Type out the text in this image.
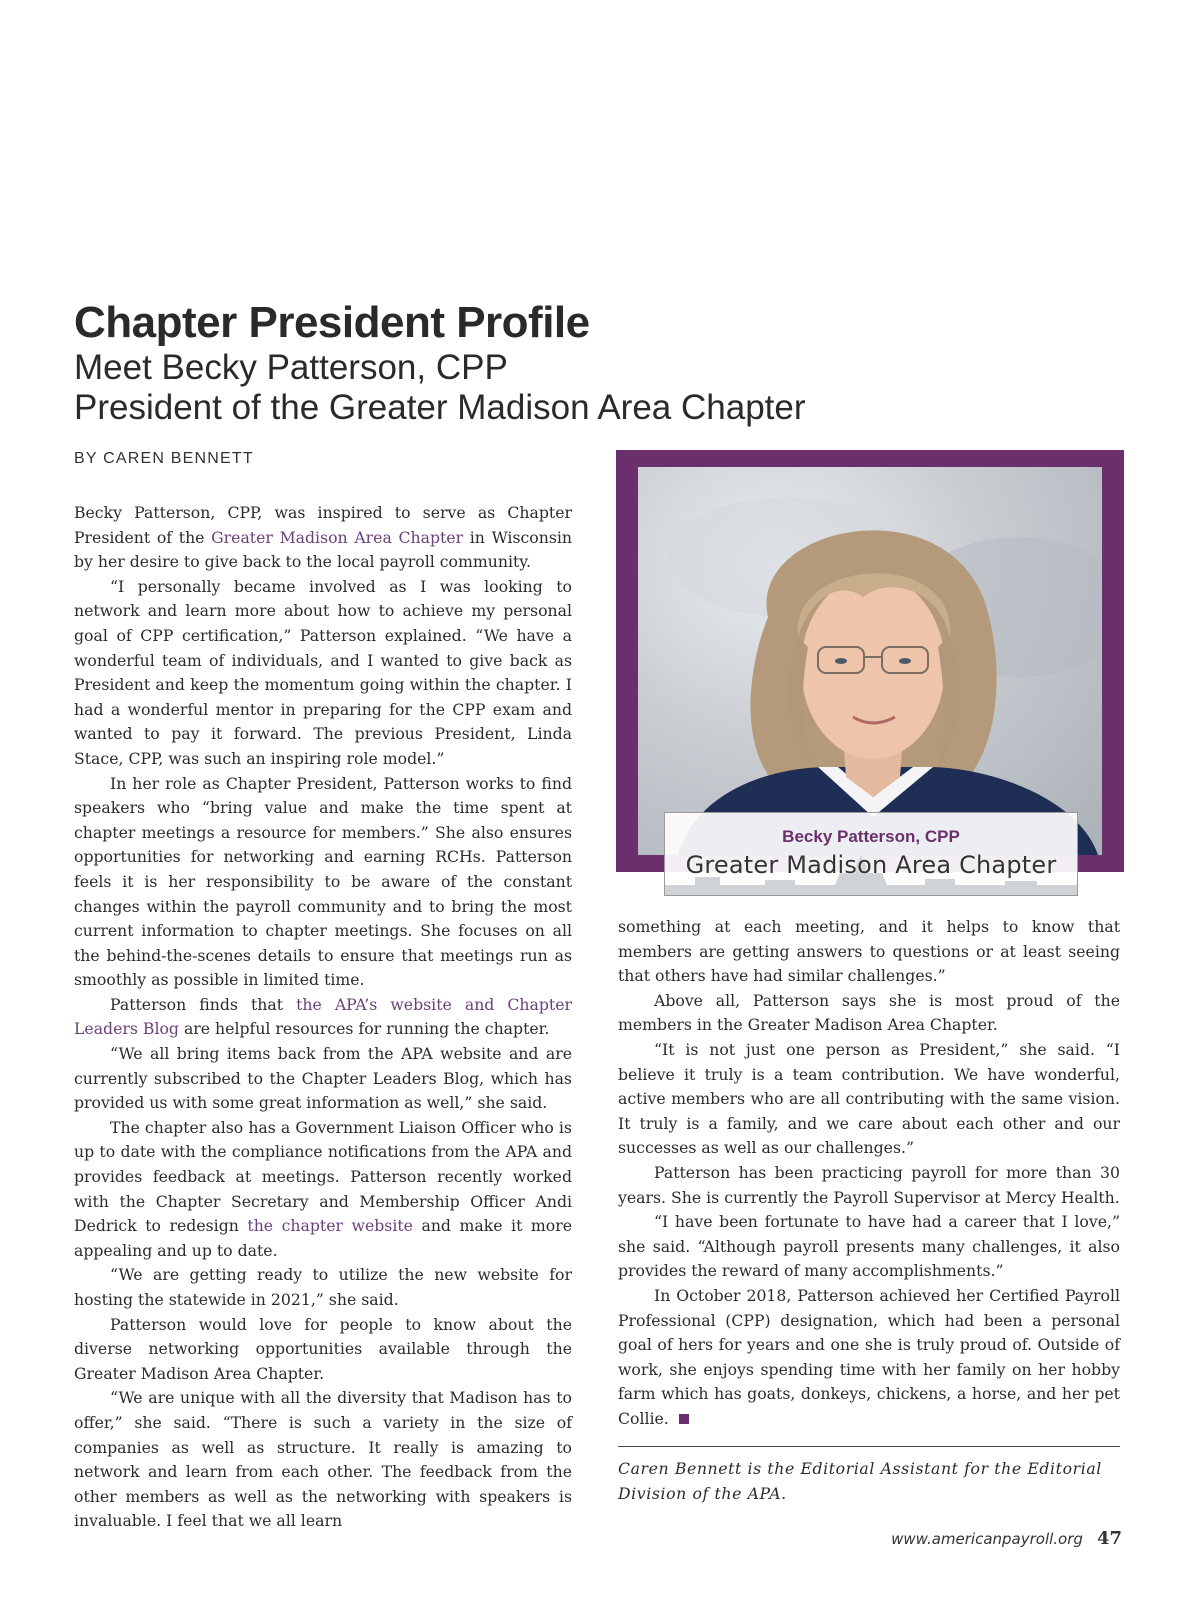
Chapter President Profile
Meet Becky Patterson, CPP
President of the Greater Madison Area Chapter
BY CAREN BENNETT

Becky Patterson, CPP, was inspired to serve as Chapter President of the Greater Madison Area Chapter in Wisconsin by her desire to give back to the local payroll community.

“I personally became involved as I was looking to network and learn more about how to achieve my personal goal of CPP certification,” Patterson explained. “We have a wonderful team of individuals, and I wanted to give back as President and keep the momentum going within the chapter. I had a wonderful mentor in preparing for the CPP exam and wanted to pay it forward. The previous President, Linda Stace, CPP, was such an inspiring role model.”

In her role as Chapter President, Patterson works to find speakers who “bring value and make the time spent at chapter meetings a resource for members.” She also ensures opportunities for networking and earning RCHs. Patterson feels it is her responsibility to be aware of the constant changes within the payroll community and to bring the most current information to chapter meetings. She focuses on all the behind-the-scenes details to ensure that meetings run as smoothly as possible in limited time.

Patterson finds that the APA’s website and Chapter Leaders Blog are helpful resources for running the chapter.

“We all bring items back from the APA website and are currently subscribed to the Chapter Leaders Blog, which has provided us with some great information as well,” she said.

The chapter also has a Government Liaison Officer who is up to date with the compliance notifications from the APA and provides feedback at meetings. Patterson recently worked with the Chapter Secretary and Membership Officer Andi Dedrick to redesign the chapter website and make it more appealing and up to date.

“We are getting ready to utilize the new website for hosting the statewide in 2021,” she said.

Patterson would love for people to know about the diverse networking opportunities available through the Greater Madison Area Chapter.

“We are unique with all the diversity that Madison has to offer,” she said. “There is such a variety in the size of companies as well as structure. It really is amazing to network and learn from each other. The feedback from the other members as well as the networking with speakers is invaluable. I feel that we all learn

Becky Patterson, CPP
Greater Madison Area Chapter

something at each meeting, and it helps to know that members are getting answers to questions or at least seeing that others have had similar challenges.”

Above all, Patterson says she is most proud of the members in the Greater Madison Area Chapter.

“It is not just one person as President,” she said. “I believe it truly is a team contribution. We have wonderful, active members who are all contributing with the same vision. It truly is a family, and we care about each other and our successes as well as our challenges.”

Patterson has been practicing payroll for more than 30 years. She is currently the Payroll Supervisor at Mercy Health.

“I have been fortunate to have had a career that I love,” she said. “Although payroll presents many challenges, it also provides the reward of many accomplishments.”

In October 2018, Patterson achieved her Certified Payroll Professional (CPP) designation, which had been a personal goal of hers for years and one she is truly proud of. Outside of work, she enjoys spending time with her family on her hobby farm which has goats, donkeys, chickens, a horse, and her pet Collie.

Caren Bennett is the Editorial Assistant for the Editorial Division of the APA.
www.americanpayroll.org 47
